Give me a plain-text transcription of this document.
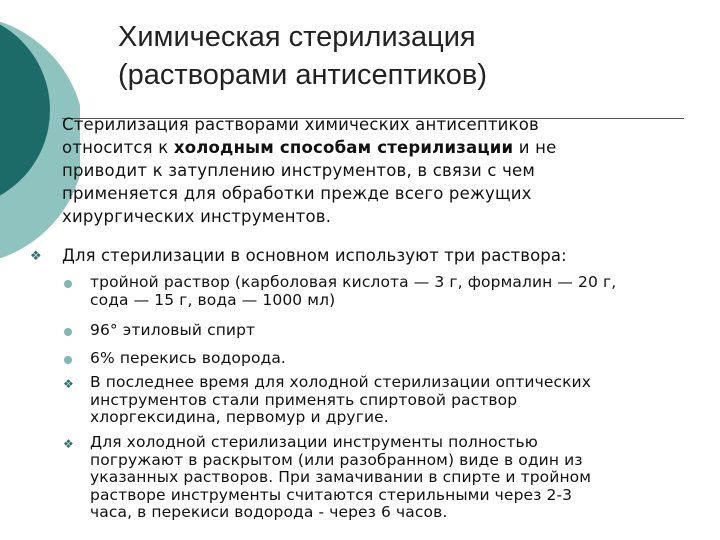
Химическая стерилизация
(растворами антисептиков)

Стерилизация растворами химических антисептиков
относится к холодным способам стерилизации и не
приводит к затуплению инструментов, в связи с чем
применяется для обработки прежде всего режущих
хирургических инструментов.

❖ Для стерилизации в основном используют три раствора:

тройной раствор (карболовая кислота — 3 г, формалин — 20 г,
сода — 15 г, вода — 1000 мл)
96° этиловый спирт
6% перекись водорода.
❖ В последнее время для холодной стерилизации оптических
инструментов стали применять спиртовой раствор
хлоргексидина, первомур и другие.
❖ Для холодной стерилизации инструменты полностью
погружают в раскрытом (или разобранном) виде в один из
указанных растворов. При замачивании в спирте и тройном
растворе инструменты считаются стерильными через 2-3
часа, в перекиси водорода - через 6 часов.
